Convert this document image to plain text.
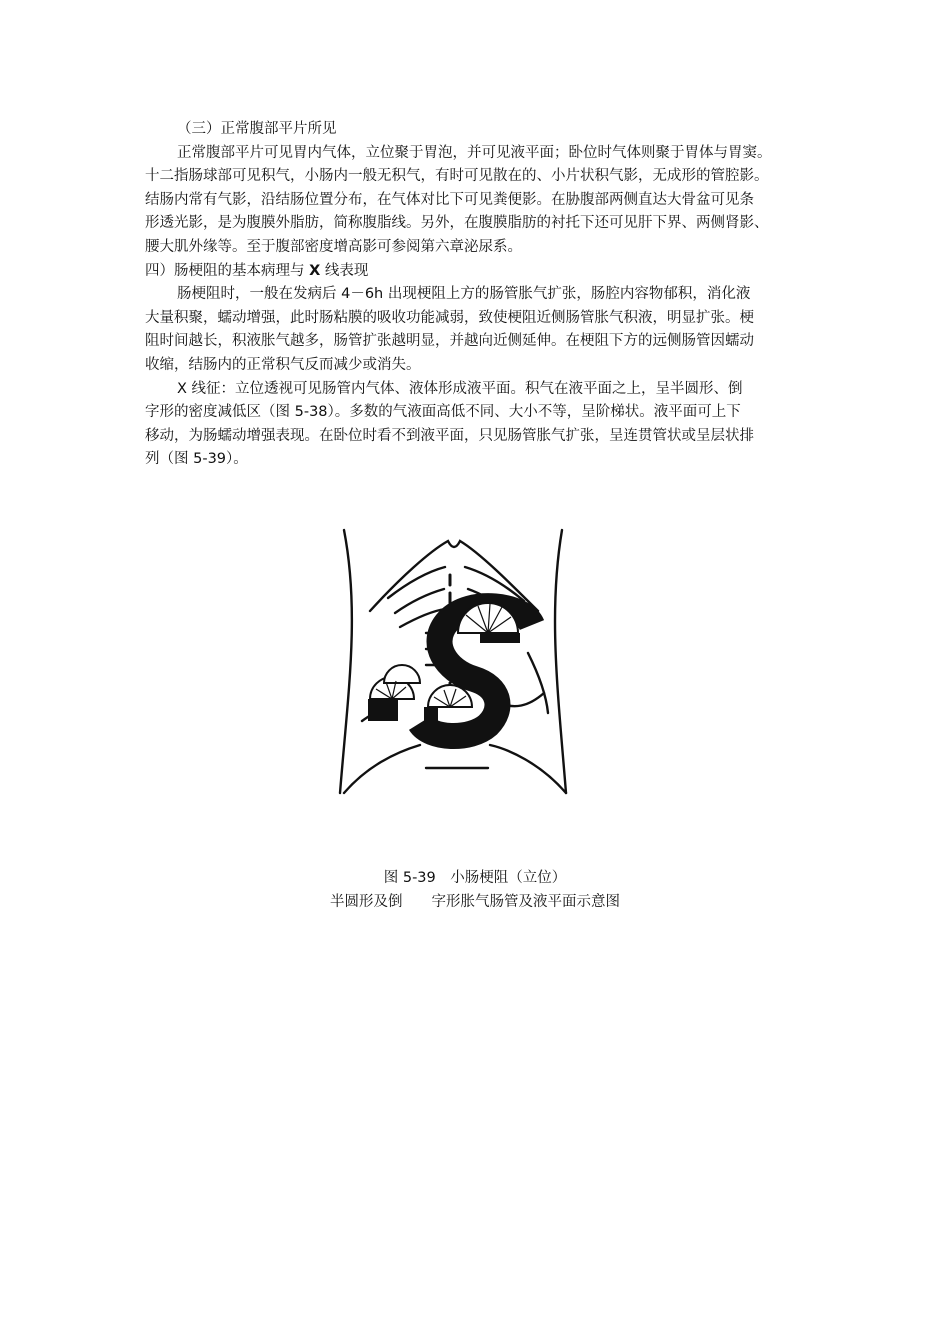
（三）正常腹部平片所见
正常腹部平片可见胃内气体，立位聚于胃泡，并可见液平面；卧位时气体则聚于胃体与胃窦。
十二指肠球部可见积气，小肠内一般无积气，有时可见散在的、小片状积气影，无成形的管腔影。
结肠内常有气影，沿结肠位置分布，在气体对比下可见粪便影。在胁腹部两侧直达大骨盆可见条
形透光影，是为腹膜外脂肪，简称腹脂线。另外，在腹膜脂肪的衬托下还可见肝下界、两侧肾影、
腰大肌外缘等。至于腹部密度增高影可参阅第六章泌尿系。
四）肠梗阻的基本病理与 X 线表现
肠梗阻时，一般在发病后 4－6h 出现梗阻上方的肠管胀气扩张，肠腔内容物郁积，消化液
大量积聚，蠕动增强，此时肠粘膜的吸收功能减弱，致使梗阻近侧肠管胀气积液，明显扩张。梗
阻时间越长，积液胀气越多，肠管扩张越明显，并越向近侧延伸。在梗阻下方的远侧肠管因蠕动
收缩，结肠内的正常积气反而减少或消失。
X 线征：立位透视可见肠管内气体、液体形成液平面。积气在液平面之上，呈半圆形、倒
字形的密度减低区（图 5-38）。多数的气液面高低不同、大小不等，呈阶梯状。液平面可上下
移动，为肠蠕动增强表现。在卧位时看不到液平面，只见肠管胀气扩张，呈连贯管状或呈层状排
列（图 5-39）。
图 5-39　小肠梗阻（立位）
半圆形及倒　　字形胀气肠管及液平面示意图
